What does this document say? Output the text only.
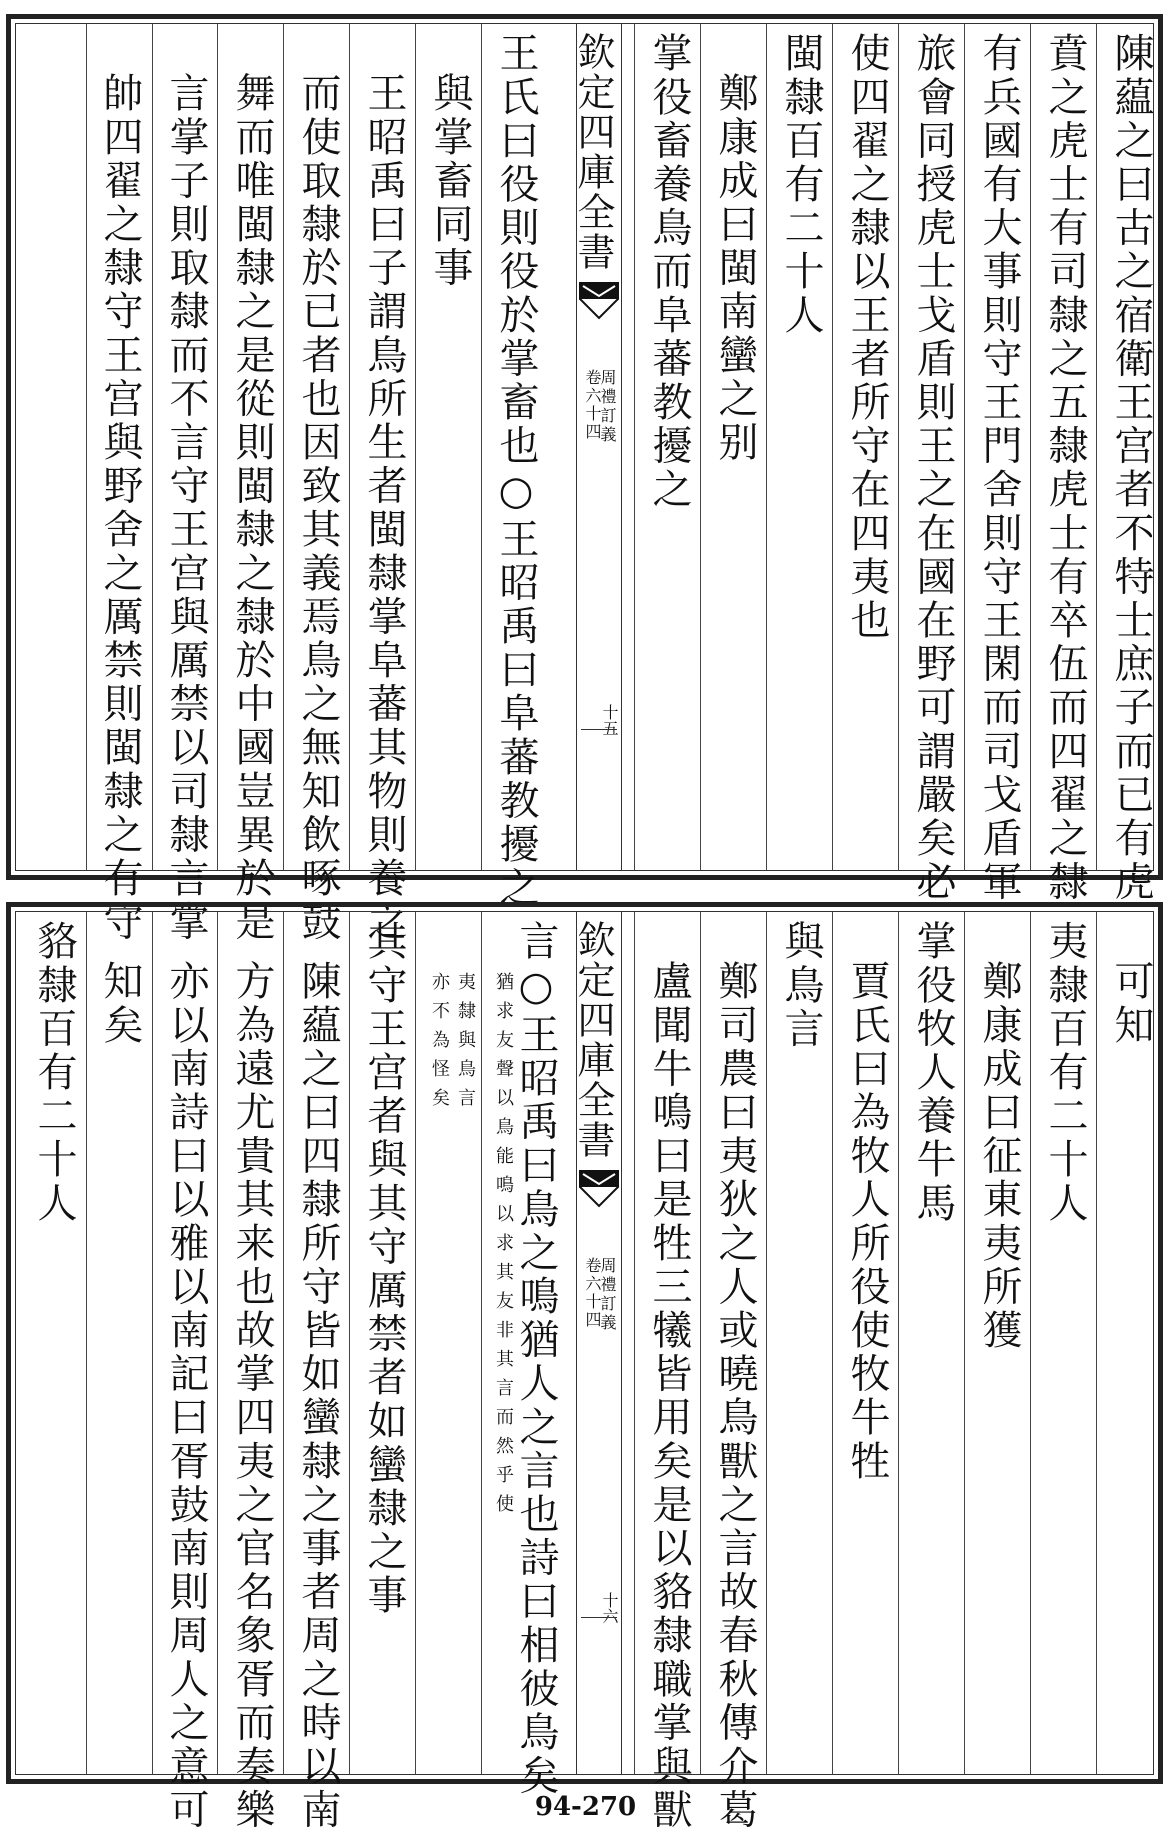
陳藴之曰古之宿衛王宫者不特士庶子而已有虎
賁之虎士有司隸之五隸虎士有卒伍而四翟之隸
有兵國有大事則守王門舍則守王閑而司戈盾軍
旅會同授虎士戈盾則王之在國在野可謂嚴矣必
使四翟之隸以王者所守在四夷也
閩隸百有二十人
鄭康成曰閩南蠻之别
掌役畜養鳥而阜蕃教擾之
欽定四庫全書
周禮訂義
卷六十四
十五
王氏曰役則役於掌畜也○王昭禹曰阜蕃教擾之
與掌畜同事
王昭禹曰子謂鳥所生者閩隸掌阜蕃其物則養之
而使取隸於已者也因致其義焉鳥之無知飲啄鼓
舞而唯閩隸之是從則閩隸之隸於中國豈異於是
言掌子則取隸而不言守王宫與厲禁以司隸言掌
帥四翟之隸守王宫與野舍之厲禁則閩隸之有守
可知
夷隸百有二十人
鄭康成曰征東夷所獲
掌役牧人養牛馬
賈氏曰為牧人所役使牧牛牲
與鳥言
鄭司農曰夷狄之人或曉鳥獸之言故春秋傳介葛
盧聞牛鳴曰是牲三犧皆用矣是以貉隸職掌與獸
欽定四庫全書
周禮訂義
卷六十四
十六
言○王昭禹曰鳥之鳴猶人之言也詩曰相彼鳥矣
猶求友聲以鳥能鳴以求其友非其言而然乎使
夷隸與鳥言
亦不為怪矣
其守王宫者與其守厲禁者如蠻隸之事
陳藴之曰四隸所守皆如蠻隸之事者周之時以南
方為遠尤貴其来也故掌四夷之官名象胥而奏樂
亦以南詩曰以雅以南記曰胥鼓南則周人之意可
知矣
貉隸百有二十人
94-270
